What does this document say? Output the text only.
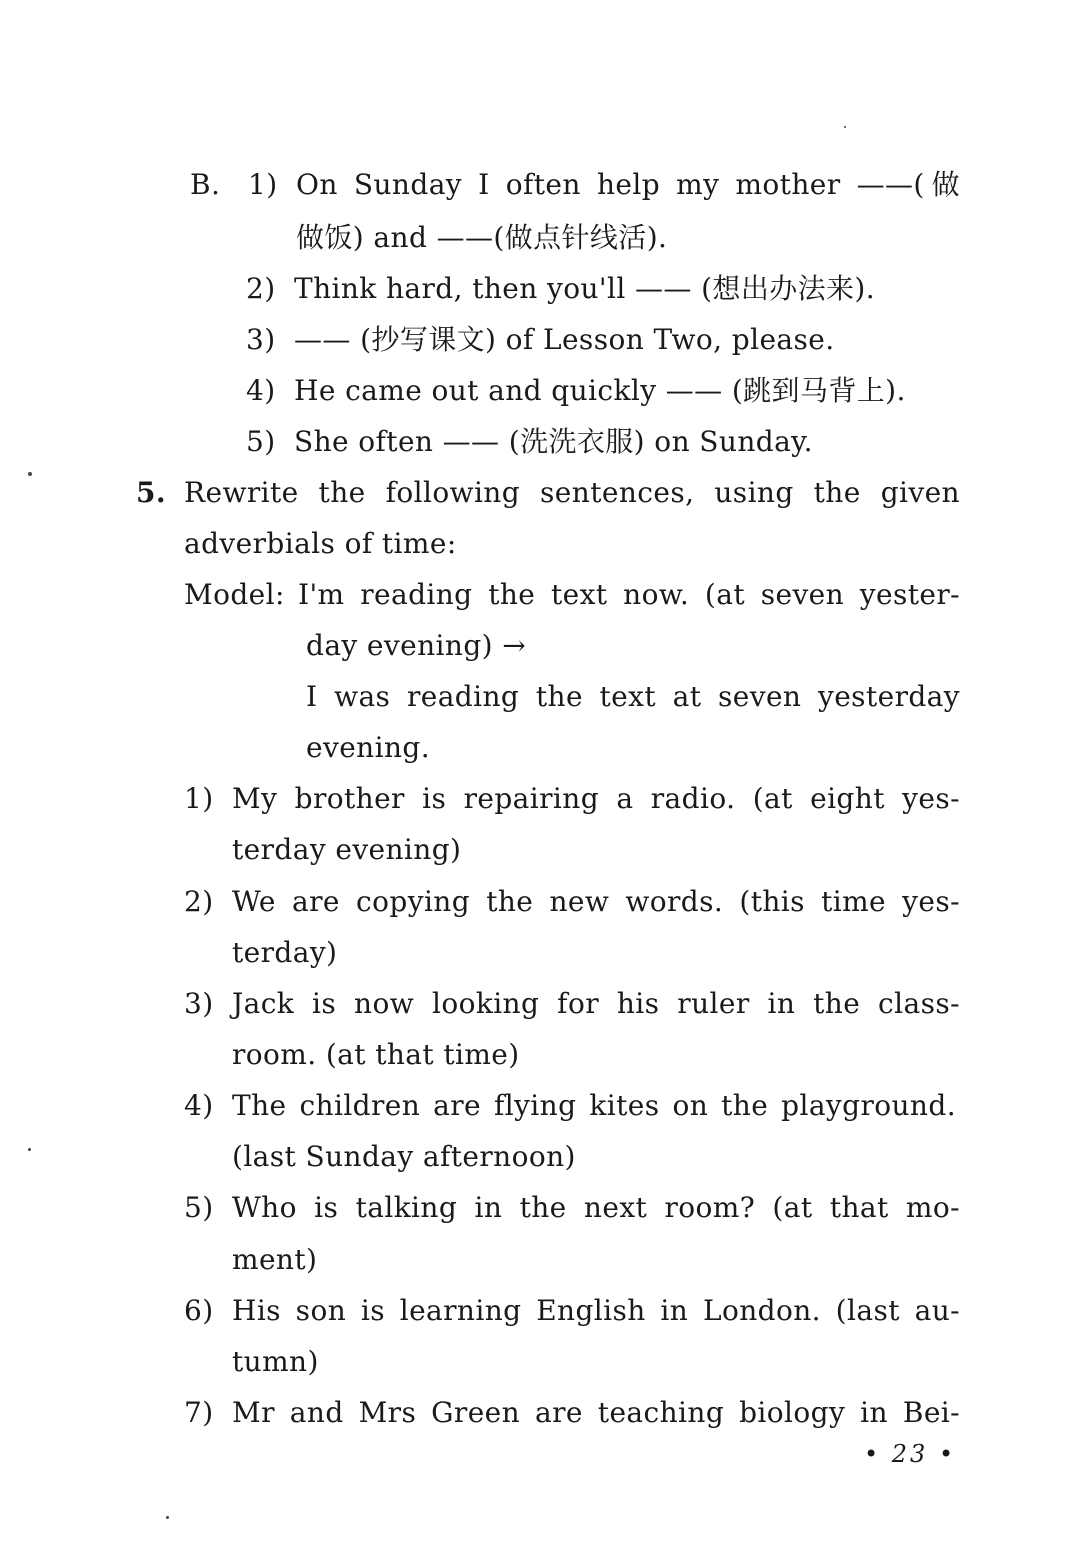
B. 1) On Sunday I often help my mother ——(做
做饭) and ——(做点针线活).
2) Think hard, then you'll —— (想出办法来).
3) —— (抄写课文) of Lesson Two, please.
4) He came out and quickly —— (跳到马背上).
5) She often —— (洗洗衣服) on Sunday.
5. Rewrite the following sentences, using the given
adverbials of time:
Model: I'm reading the text now. (at seven yester-
day evening) →
I was reading the text at seven yesterday
evening.
1) My brother is repairing a radio. (at eight yes-
terday evening)
2) We are copying the new words. (this time yes-
terday)
3) Jack is now looking for his ruler in the class-
room. (at that time)
4) The children are flying kites on the playground.
(last Sunday afternoon)
5) Who is talking in the next room? (at that mo-
ment)
6) His son is learning English in London. (last au-
tumn)
7) Mr and Mrs Green are teaching biology in Bei-
• 23 •
